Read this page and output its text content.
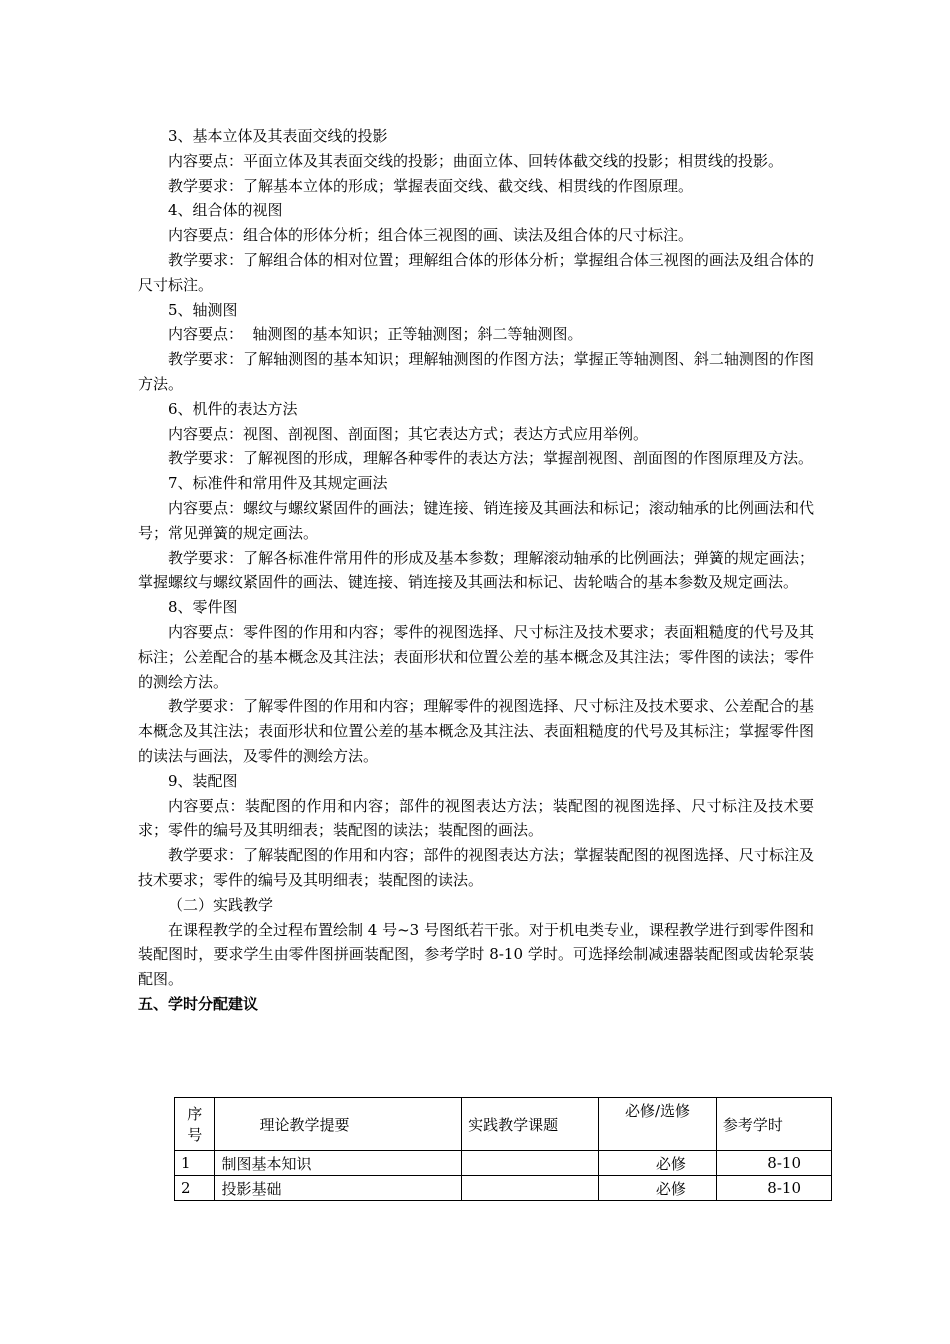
3、基本立体及其表面交线的投影

内容要点：平面立体及其表面交线的投影；曲面立体、回转体截交线的投影；相贯线的投影。

教学要求：了解基本立体的形成；掌握表面交线、截交线、相贯线的作图原理。

4、组合体的视图

内容要点：组合体的形体分析；组合体三视图的画、读法及组合体的尺寸标注。

教学要求：了解组合体的相对位置；理解组合体的形体分析；掌握组合体三视图的画法及组合体的尺寸标注。

5、轴测图

内容要点：  轴测图的基本知识；正等轴测图；斜二等轴测图。

教学要求：了解轴测图的基本知识；理解轴测图的作图方法；掌握正等轴测图、斜二轴测图的作图方法。

6、机件的表达方法

内容要点：视图、剖视图、剖面图；其它表达方式；表达方式应用举例。

教学要求：了解视图的形成，理解各种零件的表达方法；掌握剖视图、剖面图的作图原理及方法。

7、标准件和常用件及其规定画法

内容要点：螺纹与螺纹紧固件的画法；键连接、销连接及其画法和标记；滚动轴承的比例画法和代号；常见弹簧的规定画法。

教学要求：了解各标准件常用件的形成及基本参数；理解滚动轴承的比例画法；弹簧的规定画法；掌握螺纹与螺纹紧固件的画法、键连接、销连接及其画法和标记、齿轮啮合的基本参数及规定画法。

8、零件图

内容要点：零件图的作用和内容；零件的视图选择、尺寸标注及技术要求；表面粗糙度的代号及其标注；公差配合的基本概念及其注法；表面形状和位置公差的基本概念及其注法；零件图的读法；零件的测绘方法。

教学要求：了解零件图的作用和内容；理解零件的视图选择、尺寸标注及技术要求、公差配合的基本概念及其注法；表面形状和位置公差的基本概念及其注法、表面粗糙度的代号及其标注；掌握零件图的读法与画法，及零件的测绘方法。

9、装配图

内容要点：装配图的作用和内容；部件的视图表达方法；装配图的视图选择、尺寸标注及技术要求；零件的编号及其明细表；装配图的读法；装配图的画法。

教学要求：了解装配图的作用和内容；部件的视图表达方法；掌握装配图的视图选择、尺寸标注及技术要求；零件的编号及其明细表；装配图的读法。

（二）实践教学

在课程教学的全过程布置绘制 4 号~3 号图纸若干张。对于机电类专业，课程教学进行到零件图和装配图时，要求学生由零件图拼画装配图，参考学时 8-10 学时。可选择绘制减速器装配图或齿轮泵装配图。

五、学时分配建议

序号	理论教学提要	实践教学课题	必修/选修	参考学时
1	制图基本知识		必修	8-10
2	投影基础		必修	8-10
